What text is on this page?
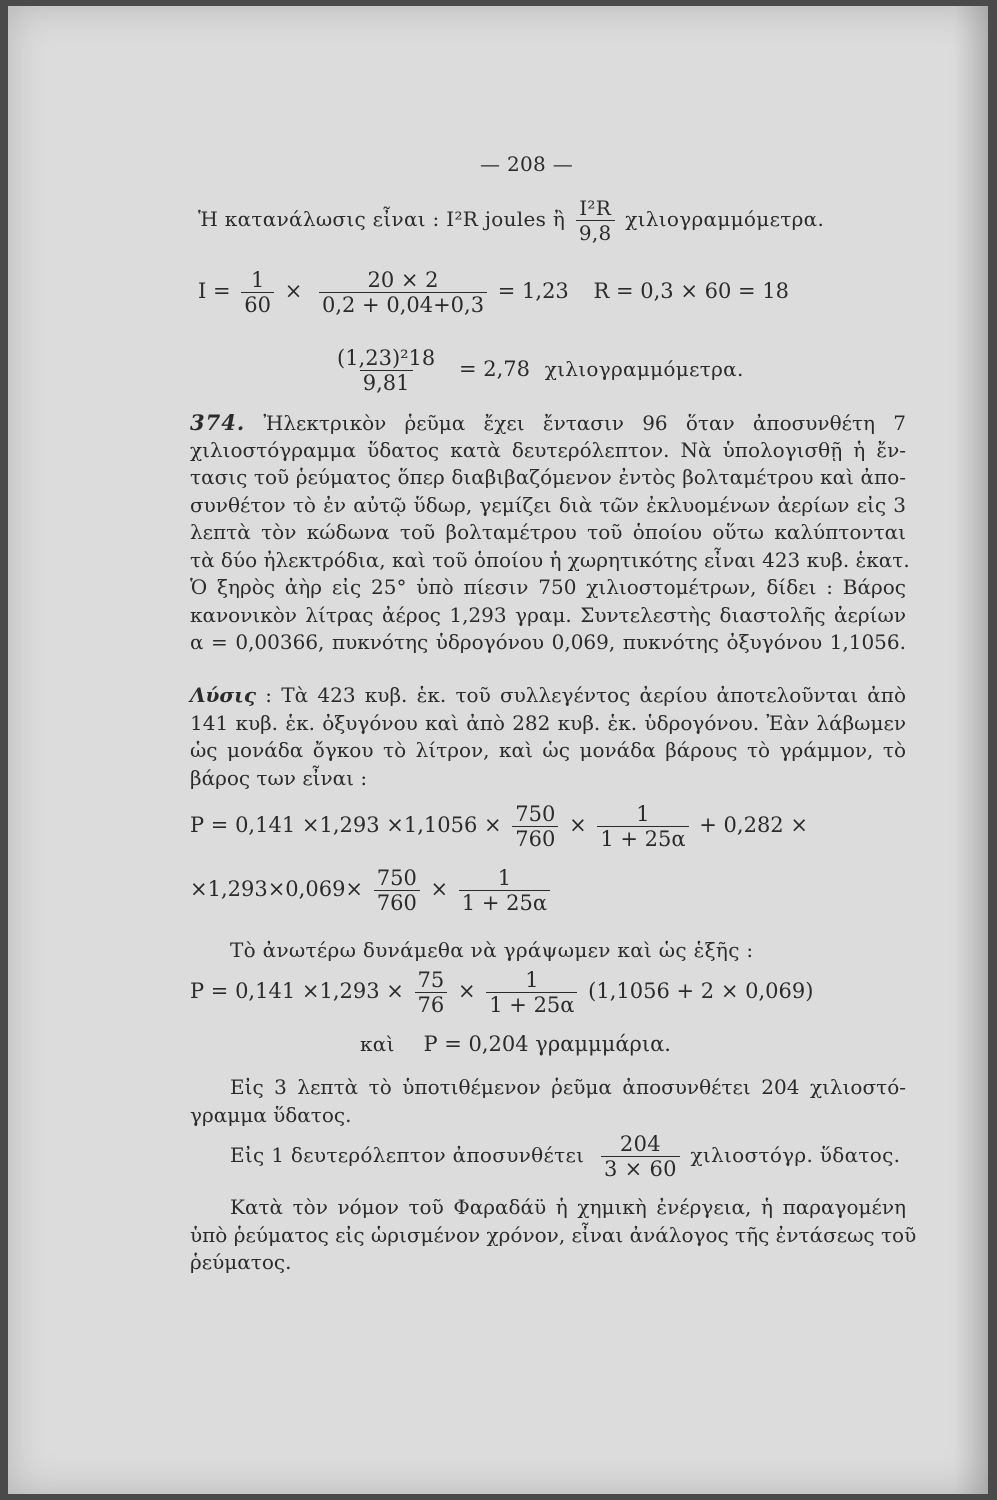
— 208 —
Ἡ κατανάλωσις εἶναι : I²R joules ἢ $\frac{\text{I²R}}{9,8} \chi\iota\lambda\iota o\gamma\rho\alpha\mu\mu ό\mu\varepsilon\tau\rho\alpha$.
$I = \frac{1}{60} \times \frac{20 \times 2}{0,2 + 0,04+0,3} = 1,23$ R = 0,3 × 60 = 18
$\frac{\text{(1,23)²18}}{9,81} = 2,78$ χιλιογραμμόμετρα.
374. Ἠλεκτρικὸν ῥεῦμα ἔχει ἔντασιν 96 ὅταν ἀποσυνθέτη 7
χιλιοστόγραμμα ὕδατος κατὰ δευτερόλεπτον. Νὰ ὑπολογισθῇ ἡ ἔν-
τασις τοῦ ῥεύματος ὅπερ διαβιβαζόμενον ἐντὸς βολταμέτρου καὶ ἀπο-
συνθέτον τὸ ἐν αὐτῷ ὕδωρ, γεμίζει διὰ τῶν ἐκλυομένων ἀερίων εἰς 3
λεπτὰ τὸν κώδωνα τοῦ βολταμέτρου τοῦ ὁποίου οὕτω καλύπτονται
τὰ δύο ἠλεκτρόδια, καὶ τοῦ ὁποίου ἡ χωρητικότης εἶναι 423 κυβ. ἑκατ.
Ὁ ξηρὸς ἀὴρ εἰς 25° ὑπὸ πίεσιν 750 χιλιοστομέτρων, δίδει : Βάρος
κανονικὸν λίτρας ἀέρος 1,293 γραμ. Συντελεστὴς διαστολῆς ἀερίων
α = 0,00366, πυκνότης ὑδρογόνου 0,069, πυκνότης ὀξυγόνου 1,1056.
Λύσις : Τὰ 423 κυβ. ἑκ. τοῦ συλλεγέντος ἀερίου ἀποτελοῦνται ἀπὸ
141 κυβ. ἑκ. ὀξυγόνου καὶ ἀπὸ 282 κυβ. ἑκ. ὑδρογόνου. Ἐὰν λάβωμεν
ὡς μονάδα ὄγκου τὸ λίτρον, καὶ ὡς μονάδα βάρους τὸ γράμμον, τὸ
βάρος των εἶναι :
$P = 0,141 \times 1,293 \times 1,1056 \times \frac{750}{760} \times \frac{1}{1 + 25\alpha} + 0,282$ ×
$\times 1,293\times 0,069\times \frac{750}{760} \times \frac{1}{1 + 25\alpha}$
Τὸ ἀνωτέρω δυνάμεθα νὰ γράψωμεν καὶ ὡς ἑξῆς :
$P = 0,141 \times 1,293 \times \frac{75}{76} \times \frac{1}{1 + 25\alpha} (1,1056 + 2 \times 0,069)$
καὶ P = 0,204 γραμμμάρια.
Εἰς 3 λεπτὰ τὸ ὑποτιθέμενον ῥεῦμα ἀποσυνθέτει 204 χιλιοστό-
γραμμα ὕδατος.
Εἰς 1 δευτερόλεπτον ἀποσυνθέτει $\frac{204}{3 \times 60} \chi\iota\lambda\iota o\sigma\tau ό\gamma\rho$. ὕδατος.
Κατὰ τὸν νόμον τοῦ Φαραδάϋ ἡ χημικὴ ἐνέργεια, ἡ παραγομένη
ὑπὸ ῥεύματος εἰς ὡρισμένον χρόνον, εἶναι ἀνάλογος τῆς ἐντάσεως τοῦ
ῥεύματος.
